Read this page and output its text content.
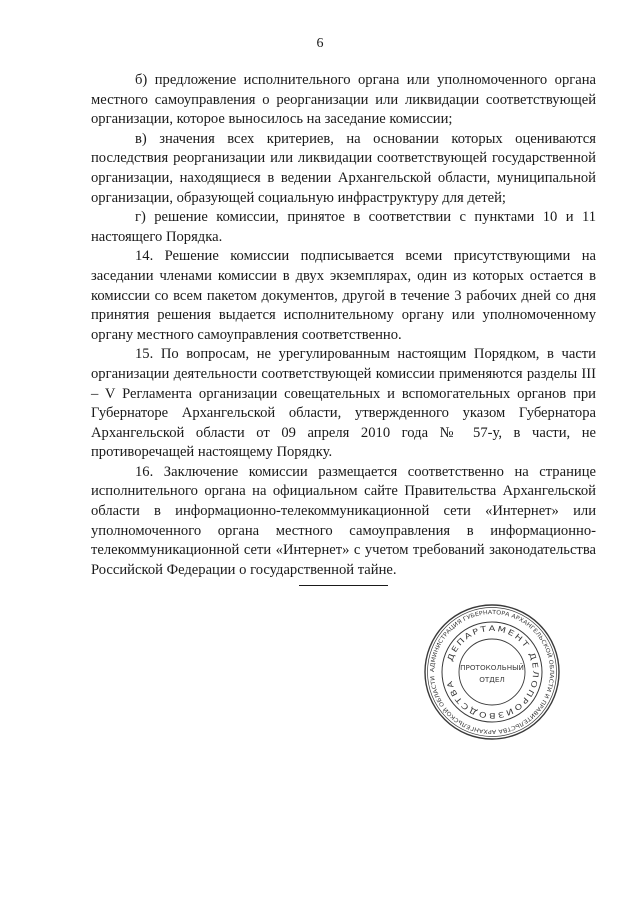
6

б) предложение исполнительного органа или уполномоченного органа местного самоуправления о реорганизации или ликвидации соответствующей организации, которое выносилось на заседание комиссии;

в) значения всех критериев, на основании которых оцениваются последствия реорганизации или ликвидации соответствующей государственной организации, находящиеся в ведении Архангельской области, муниципальной организации, образующей социальную инфраструктуру для детей;

г) решение комиссии, принятое в соответствии с пунктами 10 и 11 настоящего Порядка.

14. Решение комиссии подписывается всеми присутствующими на заседании членами комиссии в двух экземплярах, один из которых остается в комиссии со всем пакетом документов, другой в течение 3 рабочих дней со дня принятия решения выдается исполнительному органу или уполномоченному органу местного самоуправления соответственно.

15. По вопросам, не урегулированным настоящим Порядком, в части организации деятельности соответствующей комиссии применяются разделы III – V Регламента организации совещательных и вспомогательных органов при Губернаторе Архангельской области, утвержденного указом Губернатора Архангельской области от 09 апреля 2010 года № 57-у, в части, не противоречащей настоящему Порядку.

16. Заключение комиссии размещается соответственно на странице исполнительного органа на официальном сайте Правительства Архангельской области в информационно-телекоммуникационной сети «Интернет» или уполномоченного органа местного самоуправления в информационно-телекоммуникационной сети «Интернет» с учетом требований законодательства Российской Федерации о государственной тайне.

АДМИНИСТРАЦИЯ ГУБЕРНАТОРА АРХАНГЕЛЬСКОЙ ОБЛАСТИ И ПРАВИТЕЛЬСТВА АРХАНГЕЛЬСКОЙ ОБЛАСТИ
ДЕПАРТАМЕНТ ДЕЛОПРОИЗВОДСТВА
ПРОТОКОЛЬНЫЙ
ОТДЕЛ
